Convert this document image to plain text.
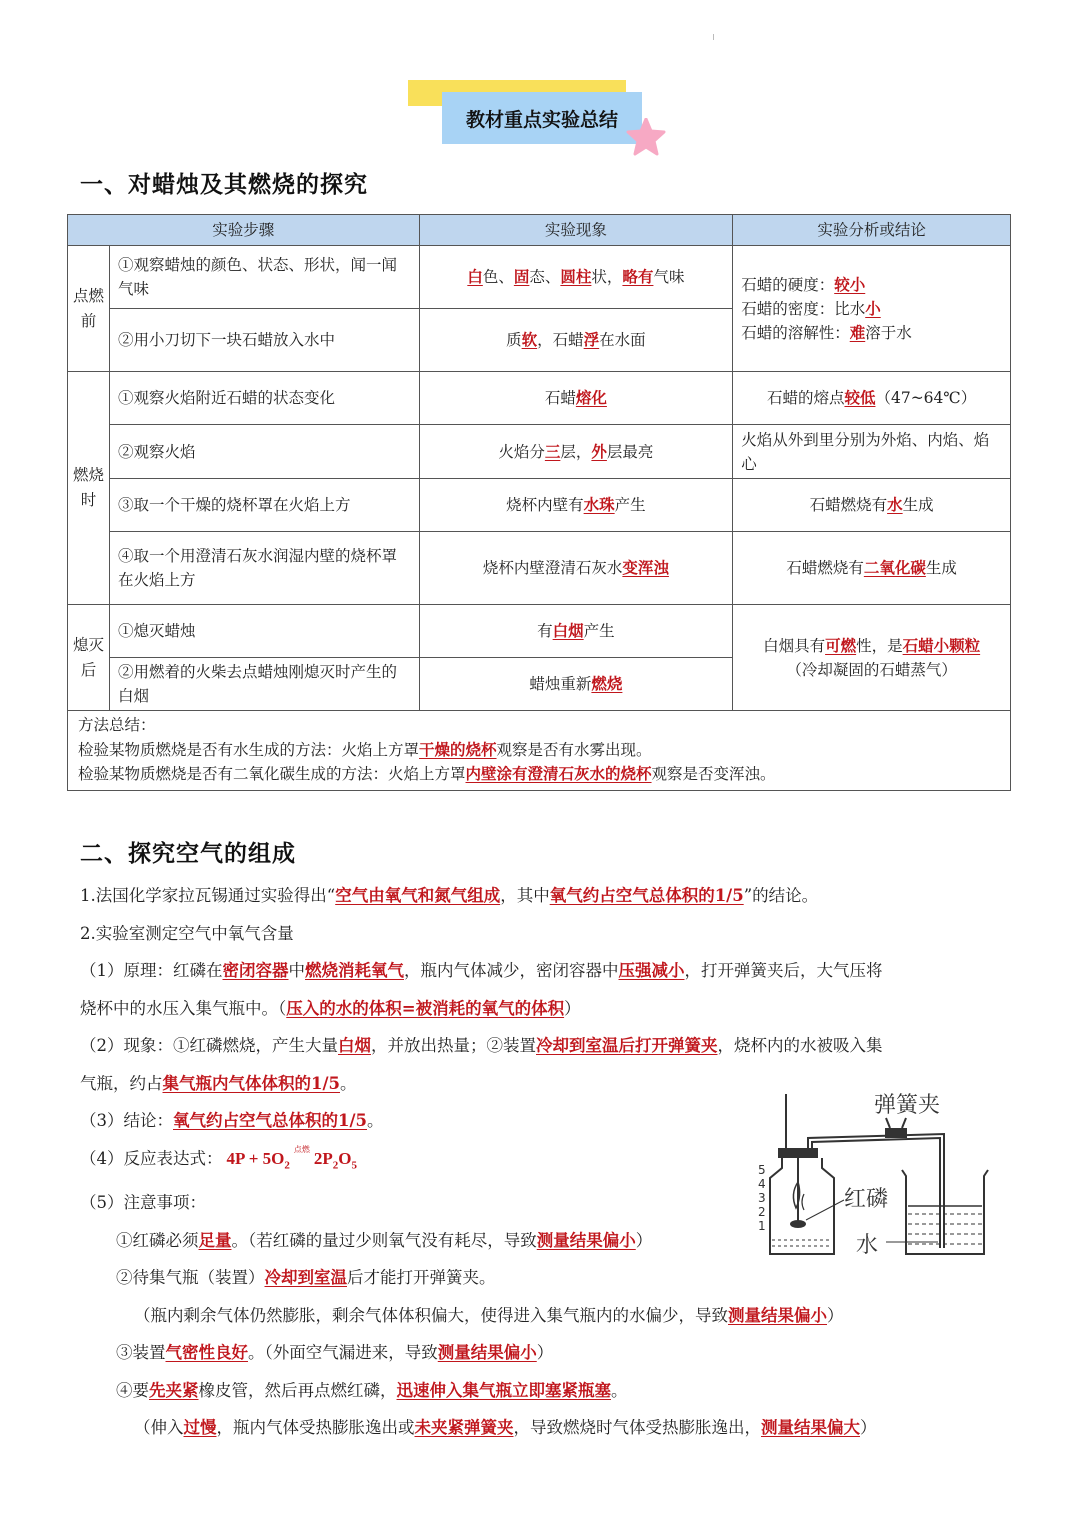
教材重点实验总结
一、对蜡烛及其燃烧的探究
实验步骤		实验现象	实验分析或结论
点燃前	①观察蜡烛的颜色、状态、形状，闻一闻气味	白色、固态、圆柱状，略有气味	石蜡的硬度：较小
石蜡的密度：比水小
石蜡的溶解性：难溶于水
	②用小刀切下一块石蜡放入水中	质软，石蜡浮在水面	
燃烧时	①观察火焰附近石蜡的状态变化	石蜡熔化	石蜡的熔点较低（47~64℃）
	②观察火焰	火焰分三层，外层最亮	火焰从外到里分别为外焰、内焰、焰心
	③取一个干燥的烧杯罩在火焰上方	烧杯内壁有水珠产生	石蜡燃烧有水生成
	④取一个用澄清石灰水润湿内壁的烧杯罩在火焰上方	烧杯内壁澄清石灰水变浑浊	石蜡燃烧有二氧化碳生成
熄灭后	①熄灭蜡烛	有白烟产生	白烟具有可燃性，是石蜡小颗粒
（冷却凝固的石蜡蒸气）
	②用燃着的火柴去点蜡烛刚熄灭时产生的白烟	蜡烛重新燃烧	
方法总结：
检验某物质燃烧是否有水生成的方法：火焰上方罩干燥的烧杯观察是否有水雾出现。
检验某物质燃烧是否有二氧化碳生成的方法：火焰上方罩内壁涂有澄清石灰水的烧杯观察是否变浑浊。			
二、探究空气的组成

1.法国化学家拉瓦锡通过实验得出“空气由氧气和氮气组成，其中氧气约占空气总体积的1/5”的结论。

2.实验室测定空气中氧气含量

（1）原理：红磷在密闭容器中燃烧消耗氧气，瓶内气体减少，密闭容器中压强减小，打开弹簧夹后，大气压将

烧杯中的水压入集气瓶中。（压入的水的体积=被消耗的氧气的体积）

（2）现象：①红磷燃烧，产生大量白烟，并放出热量；②装置冷却到室温后打开弹簧夹，烧杯内的水被吸入集

气瓶，约占集气瓶内气体体积的1/5。

（3）结论：氧气约占空气总体积的1/5。

（4）反应表达式： $4P + 5O_2^{点燃}$ $2P_2O_5$

（5）注意事项：

①红磷必须足量。（若红磷的量过少则氧气没有耗尽，导致测量结果偏小）

②待集气瓶（装置）冷却到室温后才能打开弹簧夹。

（瓶内剩余气体仍然膨胀，剩余气体体积偏大，使得进入集气瓶内的水偏少，导致测量结果偏小）

③装置气密性良好。（外面空气漏进来，导致测量结果偏小）

④要先夹紧橡皮管，然后再点燃红磷，迅速伸入集气瓶立即塞紧瓶塞。

（伸入过慢，瓶内气体受热膨胀逸出或未夹紧弹簧夹，导致燃烧时气体受热膨胀逸出，测量结果偏大）

弹簧夹
5
4
3
2
1
红磷
水
